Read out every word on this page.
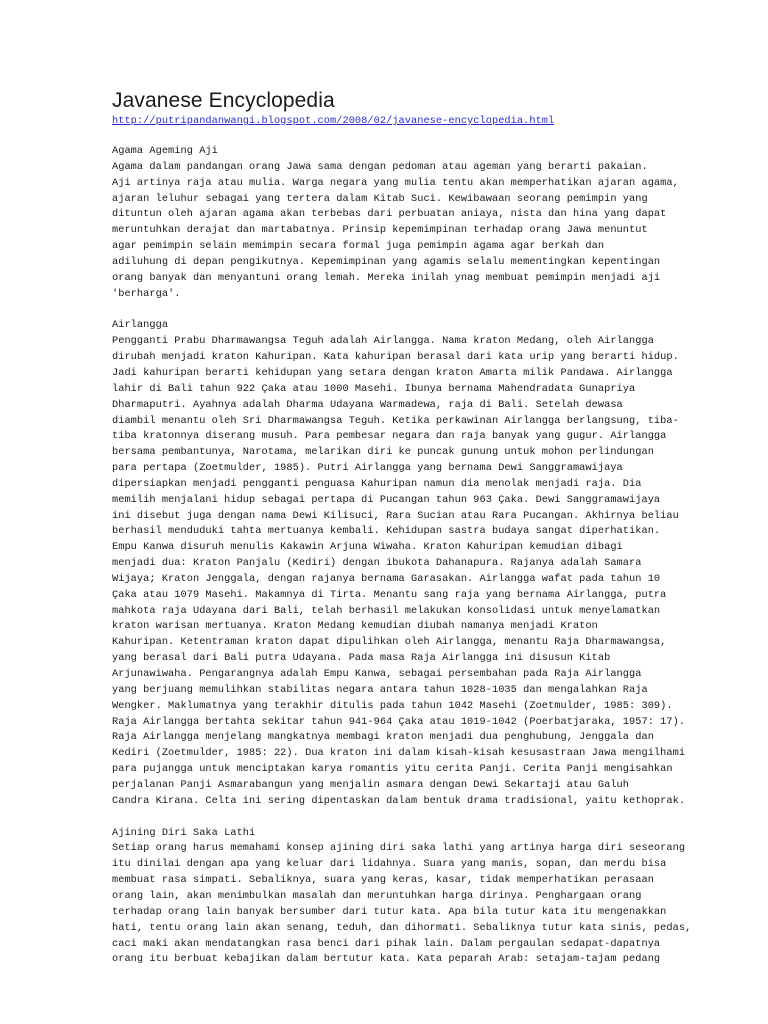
Javanese Encyclopedia
http://putripandanwangi.blogspot.com/2008/02/javanese-encyclopedia.html
Agama Ageming Aji
Agama dalam pandangan orang Jawa sama dengan pedoman atau ageman yang berarti pakaian.
Aji artinya raja atau mulia. Warga negara yang mulia tentu akan memperhatikan ajaran agama,
ajaran leluhur sebagai yang tertera dalam Kitab Suci. Kewibawaan seorang pemimpin yang
dituntun oleh ajaran agama akan terbebas dari perbuatan aniaya, nista dan hina yang dapat
meruntuhkan derajat dan martabatnya. Prinsip kepemimpinan terhadap orang Jawa menuntut
agar pemimpin selain memimpin secara formal juga pemimpin agama agar berkah dan
adiluhung di depan pengikutnya. Kepemimpinan yang agamis selalu mementingkan kepentingan
orang banyak dan menyantuni orang lemah. Mereka inilah ynag membuat pemimpin menjadi aji
'berharga'.
Airlangga
Pengganti Prabu Dharmawangsa Teguh adalah Airlangga. Nama kraton Medang, oleh Airlangga
dirubah menjadi kraton Kahuripan. Kata kahuripan berasal dari kata urip yang berarti hidup.
Jadi kahuripan berarti kehidupan yang setara dengan kraton Amarta milik Pandawa. Airlangga
lahir di Bali tahun 922 Çaka atau 1000 Masehi. Ibunya bernama Mahendradata Gunapriya
Dharmaputri. Ayahnya adalah Dharma Udayana Warmadewa, raja di Bali. Setelah dewasa
diambil menantu oleh Sri Dharmawangsa Teguh. Ketika perkawinan Airlangga berlangsung, tiba-
tiba kratonnya diserang musuh. Para pembesar negara dan raja banyak yang gugur. Airlangga
bersama pembantunya, Narotama, melarikan diri ke puncak gunung untuk mohon perlindungan
para pertapa (Zoetmulder, 1985). Putri Airlangga yang bernama Dewi Sanggramawijaya
dipersiapkan menjadi pengganti penguasa Kahuripan namun dia menolak menjadi raja. Dia
memilih menjalani hidup sebagai pertapa di Pucangan tahun 963 Çaka. Dewi Sanggramawijaya
ini disebut juga dengan nama Dewi Kilisuci, Rara Sucian atau Rara Pucangan. Akhirnya beliau
berhasil menduduki tahta mertuanya kembali. Kehidupan sastra budaya sangat diperhatikan.
Empu Kanwa disuruh menulis Kakawin Arjuna Wiwaha. Kraton Kahuripan kemudian dibagi
menjadi dua: Kraton Panjalu (Kediri) dengan ibukota Dahanapura. Rajanya adalah Samara
Wijaya; Kraton Jenggala, dengan rajanya bernama Garasakan. Airlangga wafat pada tahun 10
Çaka atau 1079 Masehi. Makamnya di Tirta. Menantu sang raja yang bernama Airlangga, putra
mahkota raja Udayana dari Bali, telah berhasil melakukan konsolidasi untuk menyelamatkan
kraton warisan mertuanya. Kraton Medang kemudian diubah namanya menjadi Kraton
Kahuripan. Ketentraman kraton dapat dipulihkan oleh Airlangga, menantu Raja Dharmawangsa,
yang berasal dari Bali putra Udayana. Pada masa Raja Airlangga ini disusun Kitab
Arjunawiwaha. Pengarangnya adalah Empu Kanwa, sebagai persembahan pada Raja Airlangga
yang berjuang memulihkan stabilitas negara antara tahun 1028-1035 dan mengalahkan Raja
Wengker. Maklumatnya yang terakhir ditulis pada tahun 1042 Masehi (Zoetmulder, 1985: 309).
Raja Airlangga bertahta sekitar tahun 941-964 Çaka atau 1019-1042 (Poerbatjaraka, 1957: 17).
Raja Airlangga menjelang mangkatnya membagi kraton menjadi dua penghubung, Jenggala dan
Kediri (Zoetmulder, 1985: 22). Dua kraton ini dalam kisah-kisah kesusastraan Jawa mengilhami
para pujangga untuk menciptakan karya romantis yitu cerita Panji. Cerita Panji mengisahkan
perjalanan Panji Asmarabangun yang menjalin asmara dengan Dewi Sekartaji atau Galuh
Candra Kirana. Celta ini sering dipentaskan dalam bentuk drama tradisional, yaitu kethoprak.
Ajining Diri Saka Lathi
Setiap orang harus memahami konsep ajining diri saka lathi yang artinya harga diri seseorang
itu dinilai dengan apa yang keluar dari lidahnya. Suara yang manis, sopan, dan merdu bisa
membuat rasa simpati. Sebaliknya, suara yang keras, kasar, tidak memperhatikan perasaan
orang lain, akan menimbulkan masalah dan meruntuhkan harga dirinya. Penghargaan orang
terhadap orang lain banyak bersumber dari tutur kata. Apa bila tutur kata itu mengenakkan
hati, tentu orang lain akan senang, teduh, dan dihormati. Sebaliknya tutur kata sinis, pedas,
caci maki akan mendatangkan rasa benci dari pihak lain. Dalam pergaulan sedapat-dapatnya
orang itu berbuat kebajikan dalam bertutur kata. Kata peparah Arab: setajam-tajam pedang
